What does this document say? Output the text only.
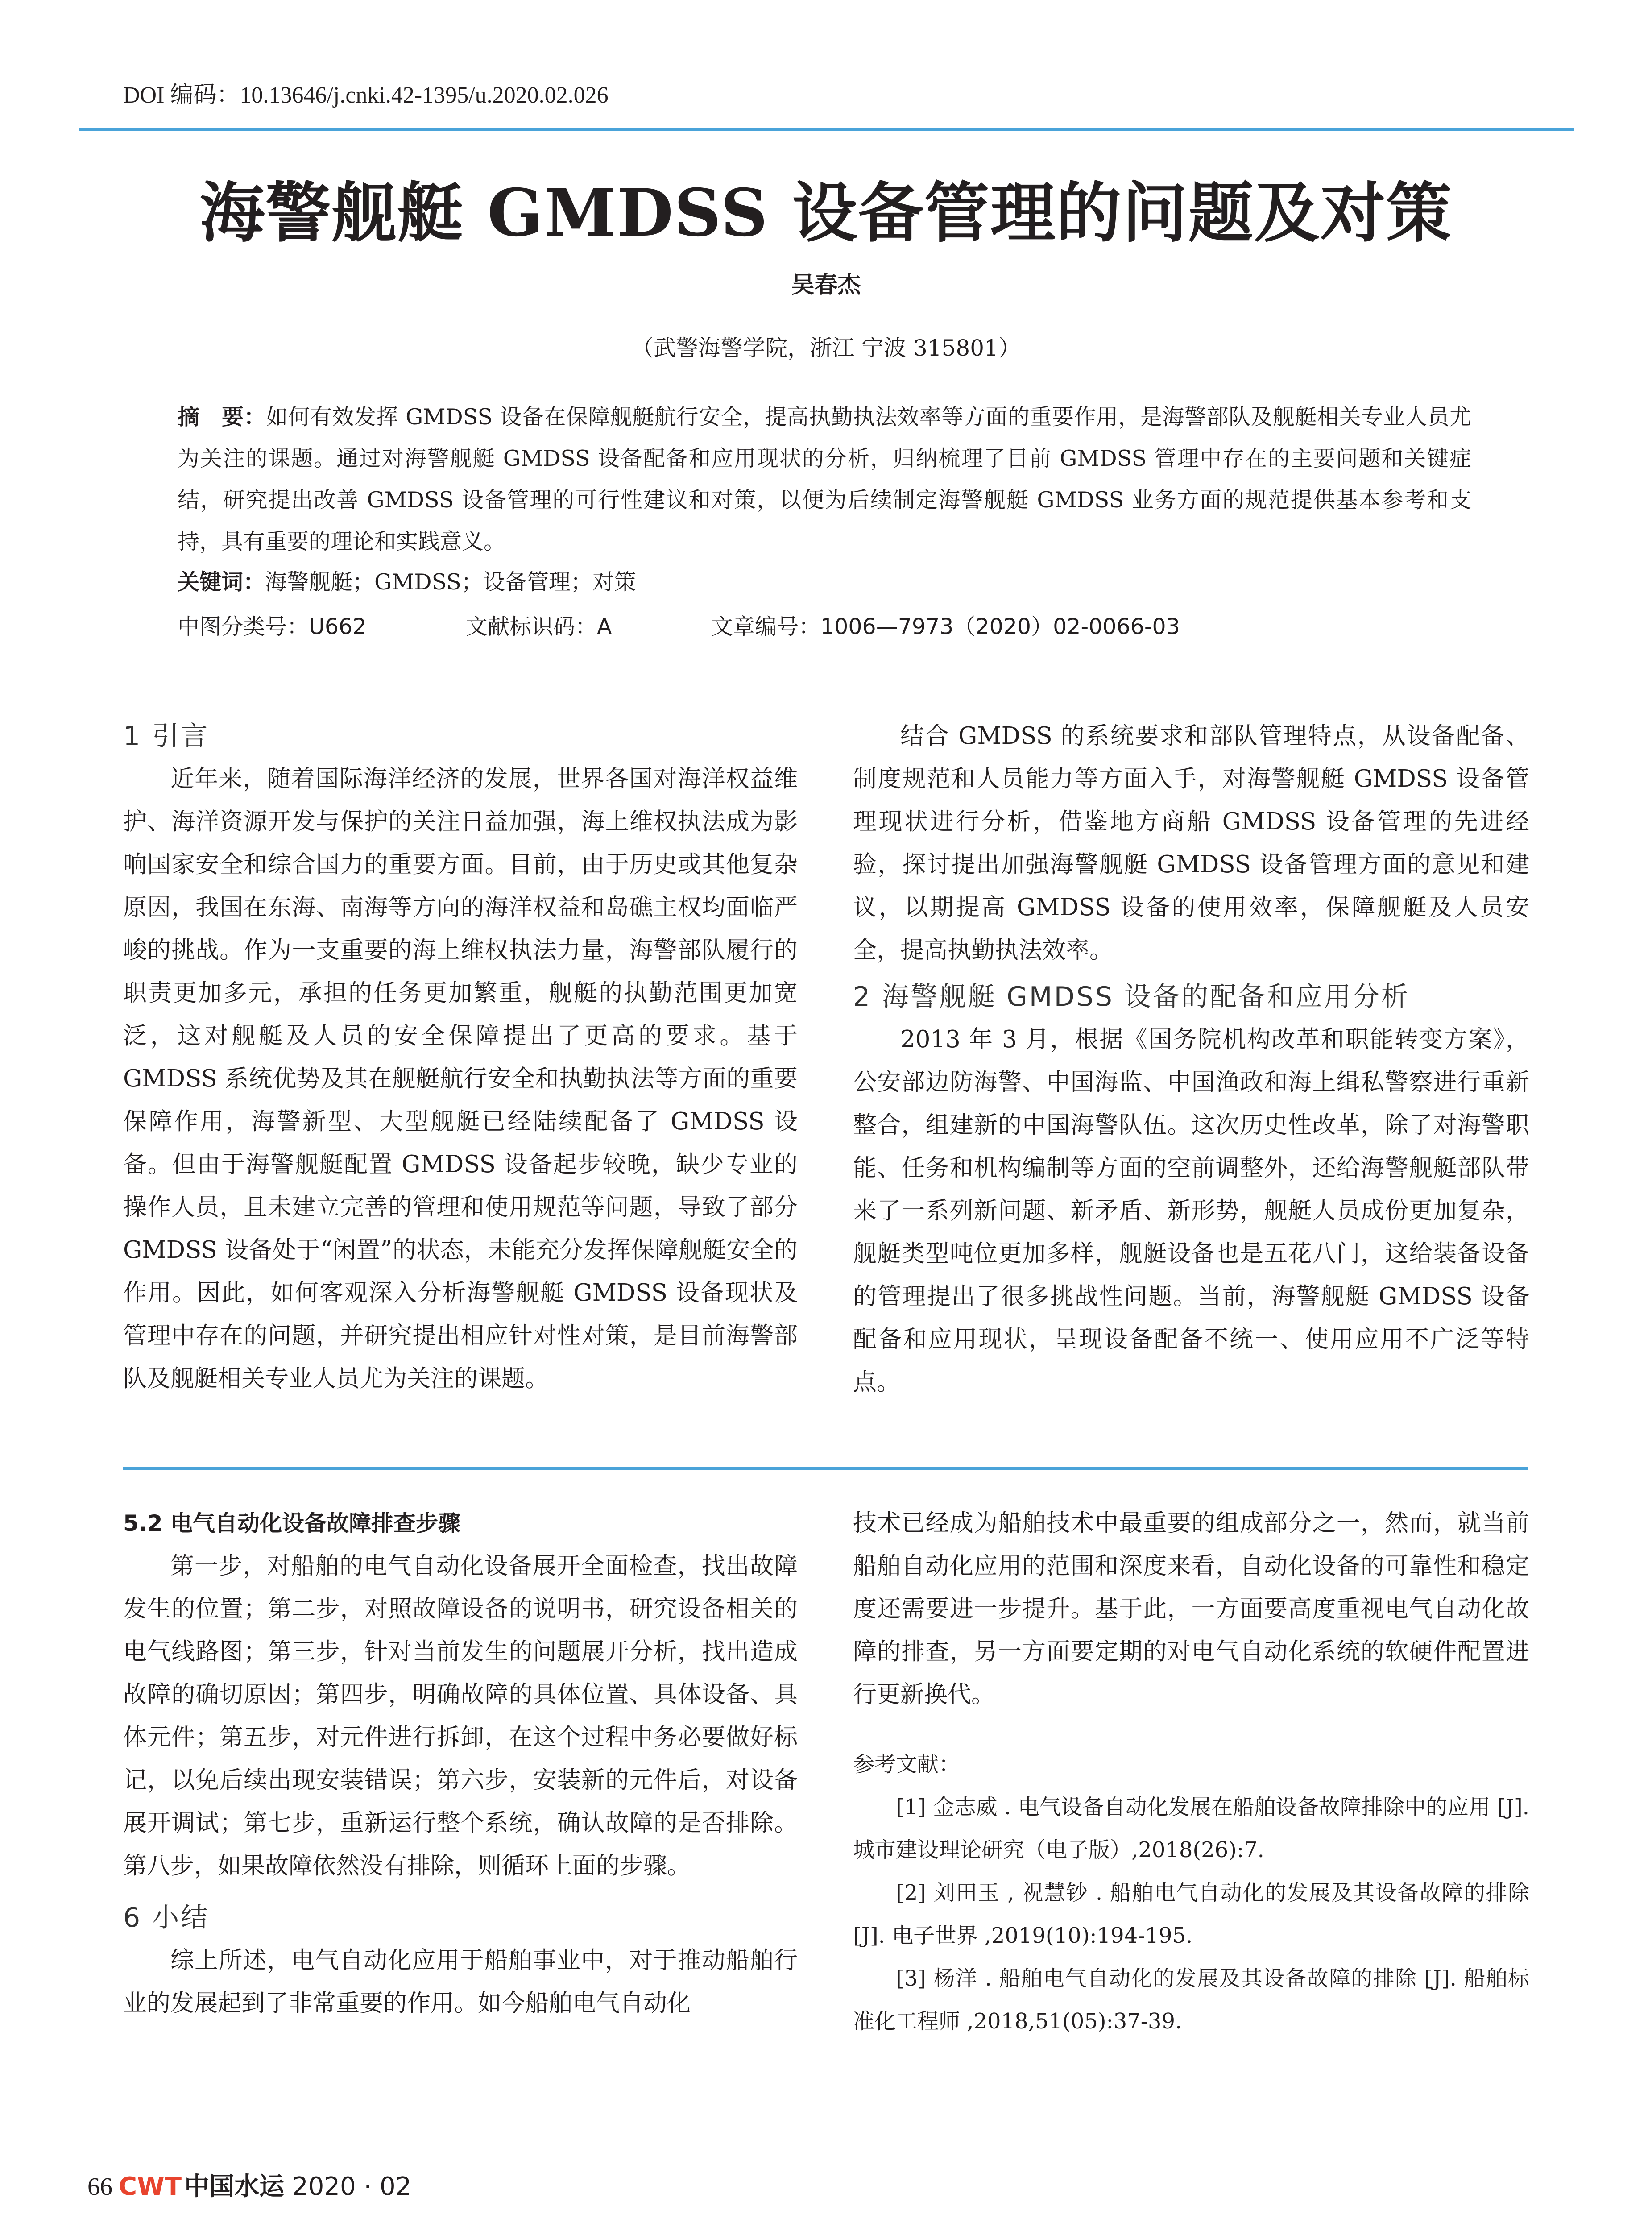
DOI 编码：10.13646/j.cnki.42-1395/u.2020.02.026
海警舰艇 GMDSS 设备管理的问题及对策
吴春杰
（武警海警学院，浙江 宁波 315801）
摘　要：如何有效发挥 GMDSS 设备在保障舰艇航行安全，提高执勤执法效率等方面的重要作用，是海警部队及舰艇相关专业人员尤为关注的课题。通过对海警舰艇 GMDSS 设备配备和应用现状的分析，归纳梳理了目前 GMDSS 管理中存在的主要问题和关键症结，研究提出改善 GMDSS 设备管理的可行性建议和对策，以便为后续制定海警舰艇 GMDSS 业务方面的规范提供基本参考和支持，具有重要的理论和实践意义。
关键词：海警舰艇；GMDSS；设备管理；对策
中图分类号：U662	文献标识码：A	文章编号：1006—7973（2020）02-0066-03
1 引言

近年来，随着国际海洋经济的发展，世界各国对海洋权益维护、海洋资源开发与保护的关注日益加强，海上维权执法成为影响国家安全和综合国力的重要方面。目前，由于历史或其他复杂原因，我国在东海、南海等方向的海洋权益和岛礁主权均面临严峻的挑战。作为一支重要的海上维权执法力量，海警部队履行的职责更加多元，承担的任务更加繁重，舰艇的执勤范围更加宽泛，这对舰艇及人员的安全保障提出了更高的要求。基于 GMDSS 系统优势及其在舰艇航行安全和执勤执法等方面的重要保障作用，海警新型、大型舰艇已经陆续配备了 GMDSS 设备。但由于海警舰艇配置 GMDSS 设备起步较晚，缺少专业的操作人员，且未建立完善的管理和使用规范等问题，导致了部分 GMDSS 设备处于“闲置”的状态，未能充分发挥保障舰艇安全的作用。因此，如何客观深入分析海警舰艇 GMDSS 设备现状及管理中存在的问题，并研究提出相应针对性对策，是目前海警部队及舰艇相关专业人员尤为关注的课题。

结合 GMDSS 的系统要求和部队管理特点，从设备配备、制度规范和人员能力等方面入手，对海警舰艇 GMDSS 设备管理现状进行分析，借鉴地方商船 GMDSS 设备管理的先进经验，探讨提出加强海警舰艇 GMDSS 设备管理方面的意见和建议，以期提高 GMDSS 设备的使用效率，保障舰艇及人员安全，提高执勤执法效率。

2 海警舰艇 GMDSS 设备的配备和应用分析

2013 年 3 月，根据《国务院机构改革和职能转变方案》，公安部边防海警、中国海监、中国渔政和海上缉私警察进行重新整合，组建新的中国海警队伍。这次历史性改革，除了对海警职能、任务和机构编制等方面的空前调整外，还给海警舰艇部队带来了一系列新问题、新矛盾、新形势，舰艇人员成份更加复杂，舰艇类型吨位更加多样，舰艇设备也是五花八门，这给装备设备的管理提出了很多挑战性问题。当前，海警舰艇 GMDSS 设备配备和应用现状，呈现设备配备不统一、使用应用不广泛等特点。

5.2 电气自动化设备故障排查步骤

第一步，对船舶的电气自动化设备展开全面检查，找出故障发生的位置；第二步，对照故障设备的说明书，研究设备相关的电气线路图；第三步，针对当前发生的问题展开分析，找出造成故障的确切原因；第四步，明确故障的具体位置、具体设备、具体元件；第五步，对元件进行拆卸，在这个过程中务必要做好标记，以免后续出现安装错误；第六步，安装新的元件后，对设备展开调试；第七步，重新运行整个系统，确认故障的是否排除。第八步，如果故障依然没有排除，则循环上面的步骤。

6 小结

综上所述，电气自动化应用于船舶事业中，对于推动船舶行业的发展起到了非常重要的作用。如今船舶电气自动化

技术已经成为船舶技术中最重要的组成部分之一，然而，就当前船舶自动化应用的范围和深度来看，自动化设备的可靠性和稳定度还需要进一步提升。基于此，一方面要高度重视电气自动化故障的排查，另一方面要定期的对电气自动化系统的软硬件配置进行更新换代。

参考文献：

[1] 金志威 . 电气设备自动化发展在船舶设备故障排除中的应用 [J]. 城市建设理论研究（电子版）,2018(26):7.

[2] 刘田玉 , 祝慧钞 . 船舶电气自动化的发展及其设备故障的排除 [J]. 电子世界 ,2019(10):194-195.

[3] 杨洋 . 船舶电气自动化的发展及其设备故障的排除 [J]. 船舶标准化工程师 ,2018,51(05):37-39.

66 CWT 中国水运 2020 · 02
